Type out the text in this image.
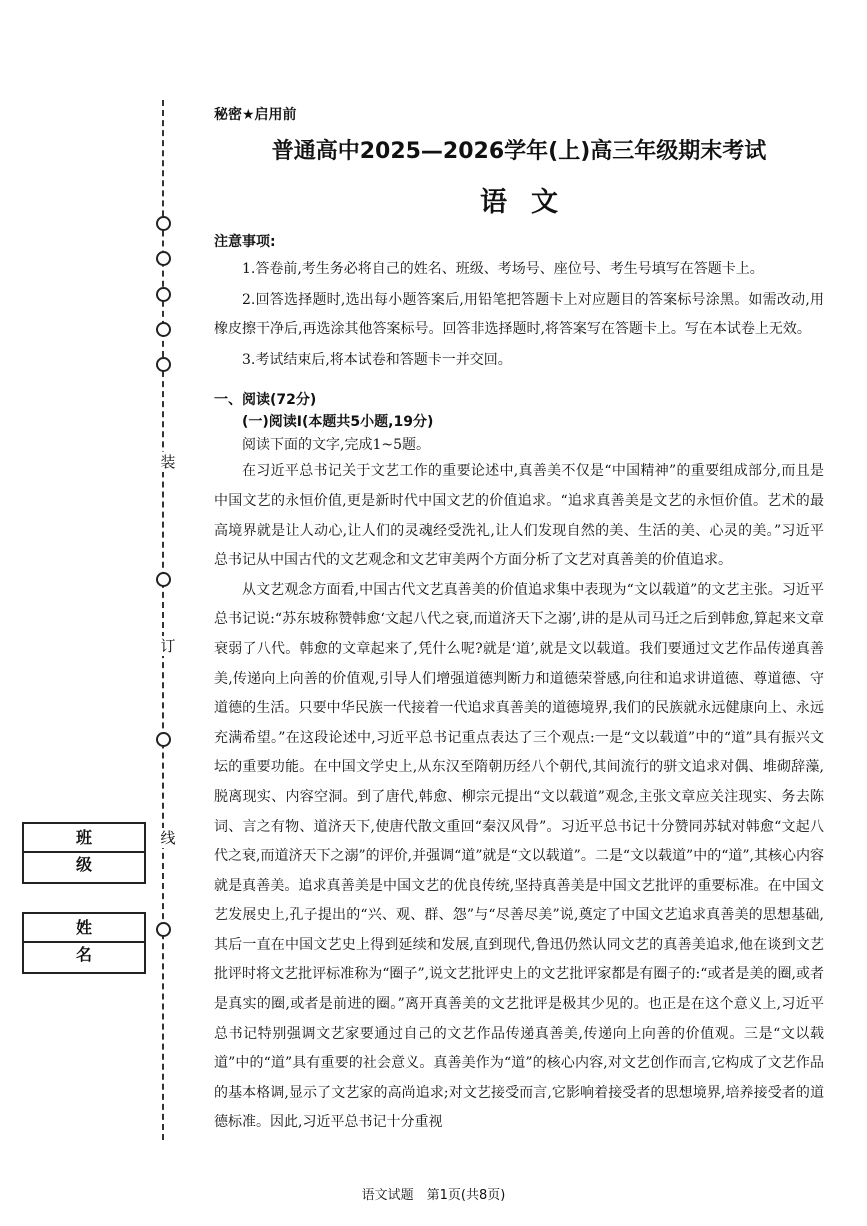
装
订
线
班级
姓名
秘密★启用前
普通高中2025—2026学年(上)高三年级期末考试
语文
注意事项:

1.答卷前,考生务必将自己的姓名、班级、考场号、座位号、考生号填写在答题卡上。

2.回答选择题时,选出每小题答案后,用铅笔把答题卡上对应题目的答案标号涂黑。如需改动,用橡皮擦干净后,再选涂其他答案标号。回答非选择题时,将答案写在答题卡上。写在本试卷上无效。

3.考试结束后,将本试卷和答题卡一并交回。

一、阅读(72分)
(一)阅读Ⅰ(本题共5小题,19分)
阅读下面的文字,完成1~5题。

在习近平总书记关于文艺工作的重要论述中,真善美不仅是“中国精神”的重要组成部分,而且是中国文艺的永恒价值,更是新时代中国文艺的价值追求。“追求真善美是文艺的永恒价值。艺术的最高境界就是让人动心,让人们的灵魂经受洗礼,让人们发现自然的美、生活的美、心灵的美。”习近平总书记从中国古代的文艺观念和文艺审美两个方面分析了文艺对真善美的价值追求。

从文艺观念方面看,中国古代文艺真善美的价值追求集中表现为“文以载道”的文艺主张。习近平总书记说:“苏东坡称赞韩愈‘文起八代之衰,而道济天下之溺’,讲的是从司马迁之后到韩愈,算起来文章衰弱了八代。韩愈的文章起来了,凭什么呢?就是‘道’,就是文以载道。我们要通过文艺作品传递真善美,传递向上向善的价值观,引导人们增强道德判断力和道德荣誉感,向往和追求讲道德、尊道德、守道德的生活。只要中华民族一代接着一代追求真善美的道德境界,我们的民族就永远健康向上、永远充满希望。”在这段论述中,习近平总书记重点表达了三个观点:一是“文以载道”中的“道”具有振兴文坛的重要功能。在中国文学史上,从东汉至隋朝历经八个朝代,其间流行的骈文追求对偶、堆砌辞藻,脱离现实、内容空洞。到了唐代,韩愈、柳宗元提出“文以载道”观念,主张文章应关注现实、务去陈词、言之有物、道济天下,使唐代散文重回“秦汉风骨”。习近平总书记十分赞同苏轼对韩愈“文起八代之衰,而道济天下之溺”的评价,并强调“道”就是“文以载道”。二是“文以载道”中的“道”,其核心内容就是真善美。追求真善美是中国文艺的优良传统,坚持真善美是中国文艺批评的重要标准。在中国文艺发展史上,孔子提出的“兴、观、群、怨”与“尽善尽美”说,奠定了中国文艺追求真善美的思想基础,其后一直在中国文艺史上得到延续和发展,直到现代,鲁迅仍然认同文艺的真善美追求,他在谈到文艺批评时将文艺批评标准称为“圈子”,说文艺批评史上的文艺批评家都是有圈子的:“或者是美的圈,或者是真实的圈,或者是前进的圈。”离开真善美的文艺批评是极其少见的。也正是在这个意义上,习近平总书记特别强调文艺家要通过自己的文艺作品传递真善美,传递向上向善的价值观。三是“文以载道”中的“道”具有重要的社会意义。真善美作为“道”的核心内容,对文艺创作而言,它构成了文艺作品的基本格调,显示了文艺家的高尚追求;对文艺接受而言,它影响着接受者的思想境界,培养接受者的道德标准。因此,习近平总书记十分重视

语文试题　第1页(共8页)
